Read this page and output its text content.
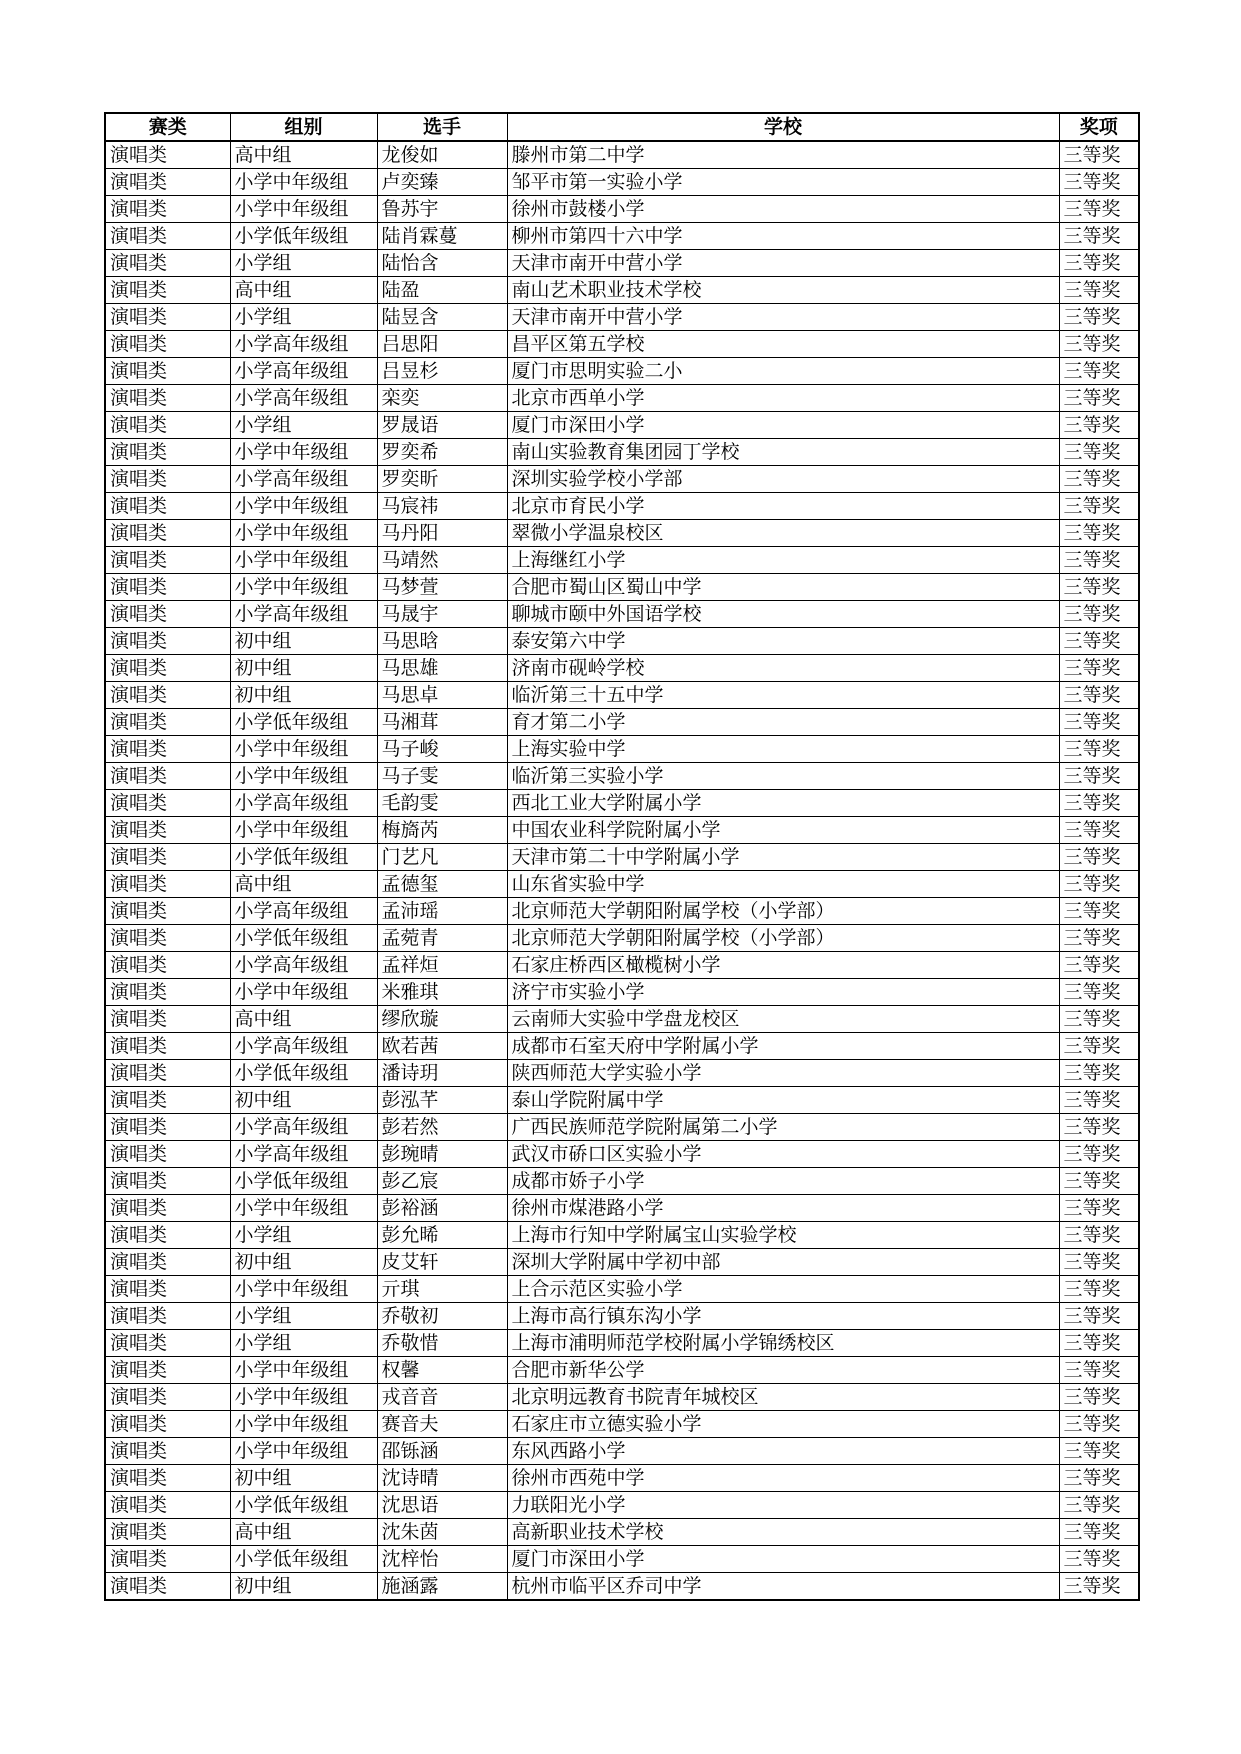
赛类	组别	选手	学校	奖项
演唱类	高中组	龙俊如	滕州市第二中学	三等奖
演唱类	小学中年级组	卢奕臻	邹平市第一实验小学	三等奖
演唱类	小学中年级组	鲁苏宇	徐州市鼓楼小学	三等奖
演唱类	小学低年级组	陆肖霖蔓	柳州市第四十六中学	三等奖
演唱类	小学组	陆怡含	天津市南开中营小学	三等奖
演唱类	高中组	陆盈	南山艺术职业技术学校	三等奖
演唱类	小学组	陆昱含	天津市南开中营小学	三等奖
演唱类	小学高年级组	吕思阳	昌平区第五学校	三等奖
演唱类	小学高年级组	吕昱杉	厦门市思明实验二小	三等奖
演唱类	小学高年级组	栾奕	北京市西单小学	三等奖
演唱类	小学组	罗晟语	厦门市深田小学	三等奖
演唱类	小学中年级组	罗奕希	南山实验教育集团园丁学校	三等奖
演唱类	小学高年级组	罗奕昕	深圳实验学校小学部	三等奖
演唱类	小学中年级组	马宸祎	北京市育民小学	三等奖
演唱类	小学中年级组	马丹阳	翠微小学温泉校区	三等奖
演唱类	小学中年级组	马靖然	上海继红小学	三等奖
演唱类	小学中年级组	马梦萱	合肥市蜀山区蜀山中学	三等奖
演唱类	小学高年级组	马晟宇	聊城市颐中外国语学校	三等奖
演唱类	初中组	马思晗	泰安第六中学	三等奖
演唱类	初中组	马思雄	济南市砚岭学校	三等奖
演唱类	初中组	马思卓	临沂第三十五中学	三等奖
演唱类	小学低年级组	马湘茸	育才第二小学	三等奖
演唱类	小学中年级组	马子峻	上海实验中学	三等奖
演唱类	小学中年级组	马子雯	临沂第三实验小学	三等奖
演唱类	小学高年级组	毛韵雯	西北工业大学附属小学	三等奖
演唱类	小学中年级组	梅旖芮	中国农业科学院附属小学	三等奖
演唱类	小学低年级组	门艺凡	天津市第二十中学附属小学	三等奖
演唱类	高中组	孟德玺	山东省实验中学	三等奖
演唱类	小学高年级组	孟沛瑶	北京师范大学朝阳附属学校（小学部）	三等奖
演唱类	小学低年级组	孟菀青	北京师范大学朝阳附属学校（小学部）	三等奖
演唱类	小学高年级组	孟祥烜	石家庄桥西区橄榄树小学	三等奖
演唱类	小学中年级组	米雅琪	济宁市实验小学	三等奖
演唱类	高中组	缪欣璇	云南师大实验中学盘龙校区	三等奖
演唱类	小学高年级组	欧若茜	成都市石室天府中学附属小学	三等奖
演唱类	小学低年级组	潘诗玥	陕西师范大学实验小学	三等奖
演唱类	初中组	彭泓芊	泰山学院附属中学	三等奖
演唱类	小学高年级组	彭若然	广西民族师范学院附属第二小学	三等奖
演唱类	小学高年级组	彭琬晴	武汉市硚口区实验小学	三等奖
演唱类	小学低年级组	彭乙宸	成都市娇子小学	三等奖
演唱类	小学中年级组	彭裕涵	徐州市煤港路小学	三等奖
演唱类	小学组	彭允晞	上海市行知中学附属宝山实验学校	三等奖
演唱类	初中组	皮艾轩	深圳大学附属中学初中部	三等奖
演唱类	小学中年级组	亓琪	上合示范区实验小学	三等奖
演唱类	小学组	乔敬初	上海市高行镇东沟小学	三等奖
演唱类	小学组	乔敬惜	上海市浦明师范学校附属小学锦绣校区	三等奖
演唱类	小学中年级组	权馨	合肥市新华公学	三等奖
演唱类	小学中年级组	戎音音	北京明远教育书院青年城校区	三等奖
演唱类	小学中年级组	赛音夫	石家庄市立德实验小学	三等奖
演唱类	小学中年级组	邵铄涵	东风西路小学	三等奖
演唱类	初中组	沈诗晴	徐州市西苑中学	三等奖
演唱类	小学低年级组	沈思语	力联阳光小学	三等奖
演唱类	高中组	沈朱茵	高新职业技术学校	三等奖
演唱类	小学低年级组	沈梓怡	厦门市深田小学	三等奖
演唱类	初中组	施涵露	杭州市临平区乔司中学	三等奖
